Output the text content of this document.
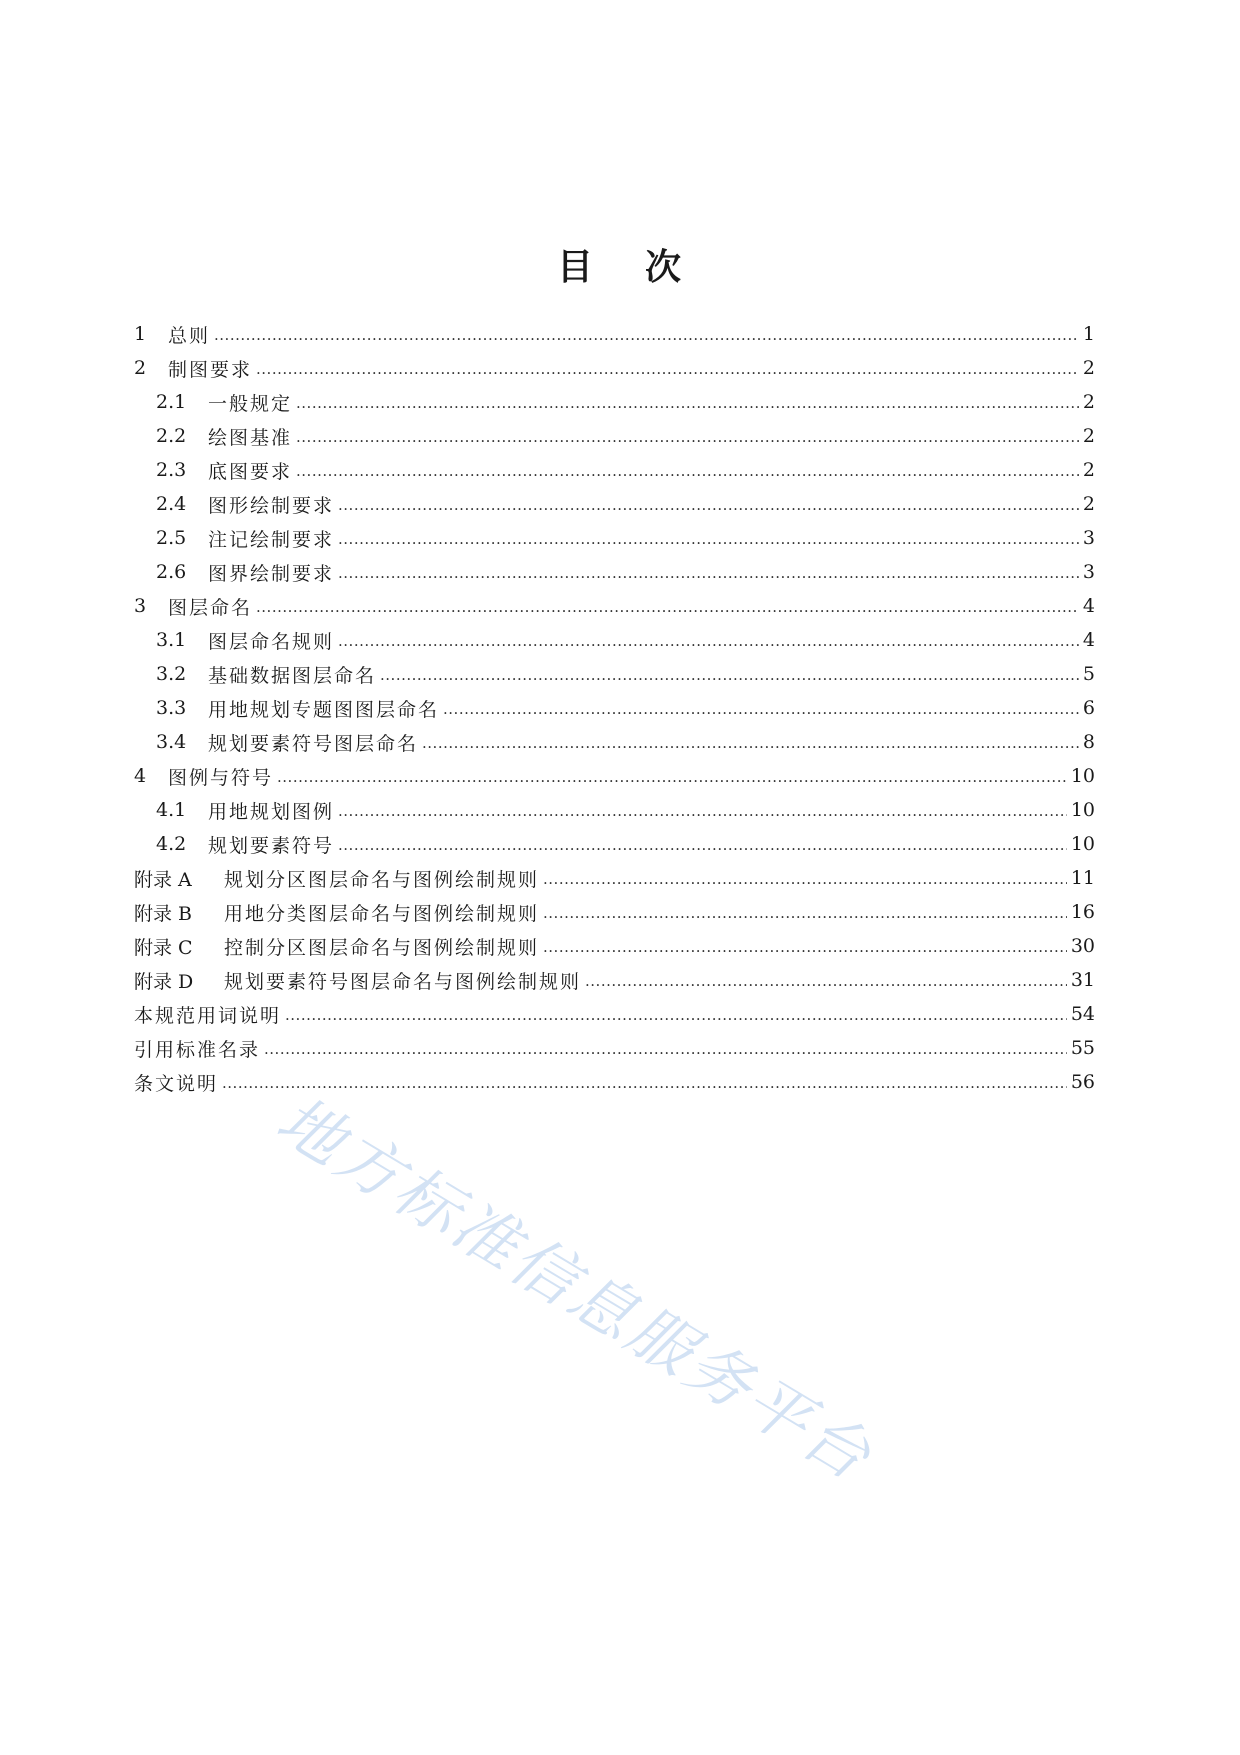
目 次
1	总则 .....	1
2	制图要求 .....	2
2.1	一般规定 .....	2
2.2	绘图基准 .....	2
2.3	底图要求 .....	2
2.4	图形绘制要求 .....	2
2.5	注记绘制要求 .....	3
2.6	图界绘制要求 .....	3
3	图层命名 .....	4
3.1	图层命名规则 .....	4
3.2	基础数据图层命名 .....	5
3.3	用地规划专题图图层命名 .....	6
3.4	规划要素符号图层命名 .....	8
4	图例与符号 .....	10
4.1	用地规划图例 .....	10
4.2	规划要素符号 .....	10
附录 A	规划分区图层命名与图例绘制规则 .....	11
附录 B	用地分类图层命名与图例绘制规则 .....	16
附录 C	控制分区图层命名与图例绘制规则 .....	30
附录 D	规划要素符号图层命名与图例绘制规则 .....	31
本规范用词说明 .....	54
引用标准名录 .....	55
条文说明 .....	56
地方标准信息服务平台
